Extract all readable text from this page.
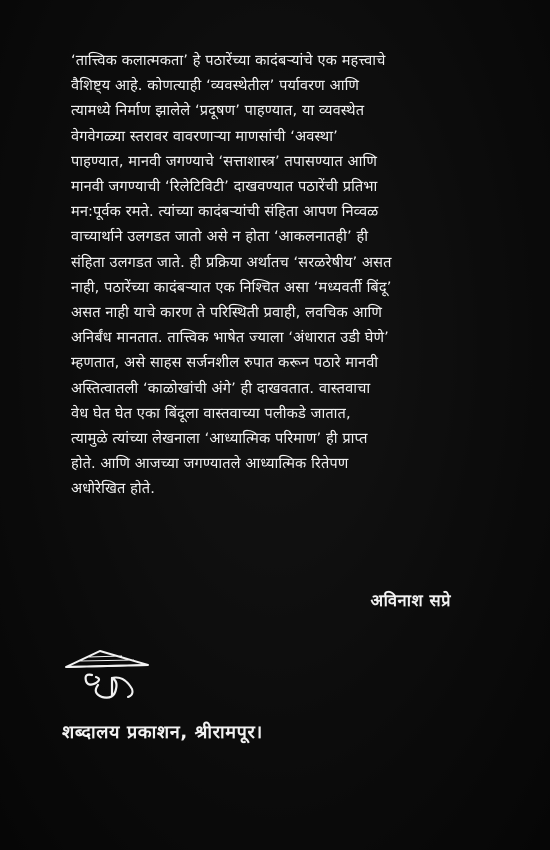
‘तात्त्विक कलात्मकता’ हे पठारेंच्या कादंबऱ्यांचे एक महत्त्वाचे
वैशिष्ट्य आहे. कोणत्याही ‘व्यवस्थेतील’ पर्यावरण आणि
त्यामध्ये निर्माण झालेले ‘प्रदूषण’ पाहण्यात, या व्यवस्थेत
वेगवेगळ्या स्तरावर वावरणाऱ्या माणसांची ‘अवस्था’
पाहण्यात, मानवी जगण्याचे ‘सत्ताशास्त्र’ तपासण्यात आणि
मानवी जगण्याची ‘रिलेटिविटी’ दाखवण्यात पठारेंची प्रतिभा
मन:पूर्वक रमते. त्यांच्या कादंबऱ्यांची संहिता आपण निव्वळ
वाच्यार्थाने उलगडत जातो असे न होता ‘आकलनातही’ ही
संहिता उलगडत जाते. ही प्रक्रिया अर्थातच ‘सरळरेषीय’ असत
नाही, पठारेंच्या कादंबऱ्यात एक निश्चित असा ‘मध्यवर्ती बिंदू’
असत नाही याचे कारण ते परिस्थिती प्रवाही, लवचिक आणि
अनिर्बंध मानतात. तात्त्विक भाषेत ज्याला ‘अंधारात उडी घेणे’
म्हणतात, असे साहस सर्जनशील रुपात करून पठारे मानवी
अस्तित्वातली ‘काळोखांची अंगे’ ही दाखवतात. वास्तवाचा
वेध घेत घेत एका बिंदूला वास्तवाच्या पलीकडे जातात,
त्यामुळे त्यांच्या लेखनाला ‘आध्यात्मिक परिमाण’ ही प्राप्त
होते. आणि आजच्या जगण्यातले आध्यात्मिक रितेपण
अधोरेखित होते.
अविनाश सप्रे
शब्दालय प्रकाशन, श्रीरामपूर।
